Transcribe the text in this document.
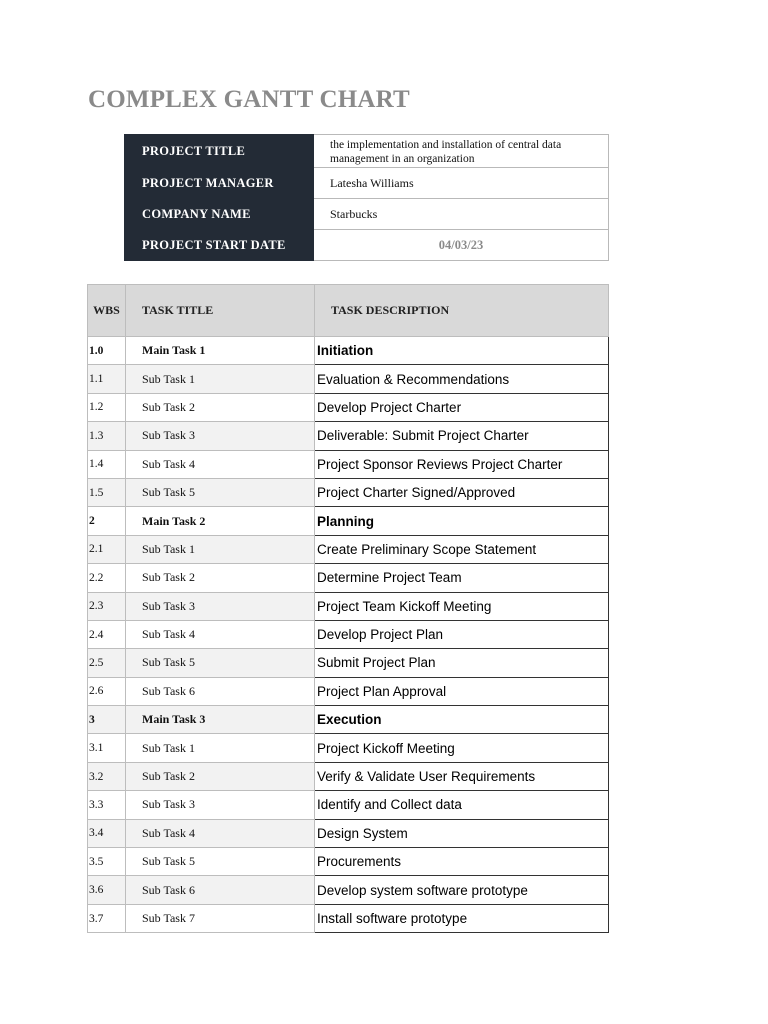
COMPLEX GANTT CHART
PROJECT TITLE	the implementation and installation of central data management in an organization
PROJECT MANAGER	Latesha Williams
COMPANY NAME	Starbucks
PROJECT START DATE	04/03/23
WBS	TASK TITLE	TASK DESCRIPTION
1.0	Main Task 1	Initiation
1.1	Sub Task 1	Evaluation & Recommendations
1.2	Sub Task 2	Develop Project Charter
1.3	Sub Task 3	Deliverable: Submit Project Charter
1.4	Sub Task 4	Project Sponsor Reviews Project Charter
1.5	Sub Task 5	Project Charter Signed/Approved
2	Main Task 2	Planning
2.1	Sub Task 1	Create Preliminary Scope Statement
2.2	Sub Task 2	Determine Project Team
2.3	Sub Task 3	Project Team Kickoff Meeting
2.4	Sub Task 4	Develop Project Plan
2.5	Sub Task 5	Submit Project Plan
2.6	Sub Task 6	Project Plan Approval
3	Main Task 3	Execution
3.1	Sub Task 1	Project Kickoff Meeting
3.2	Sub Task 2	Verify & Validate User Requirements
3.3	Sub Task 3	Identify and Collect data
3.4	Sub Task 4	Design System
3.5	Sub Task 5	Procurements
3.6	Sub Task 6	Develop system software prototype
3.7	Sub Task 7	Install software prototype
